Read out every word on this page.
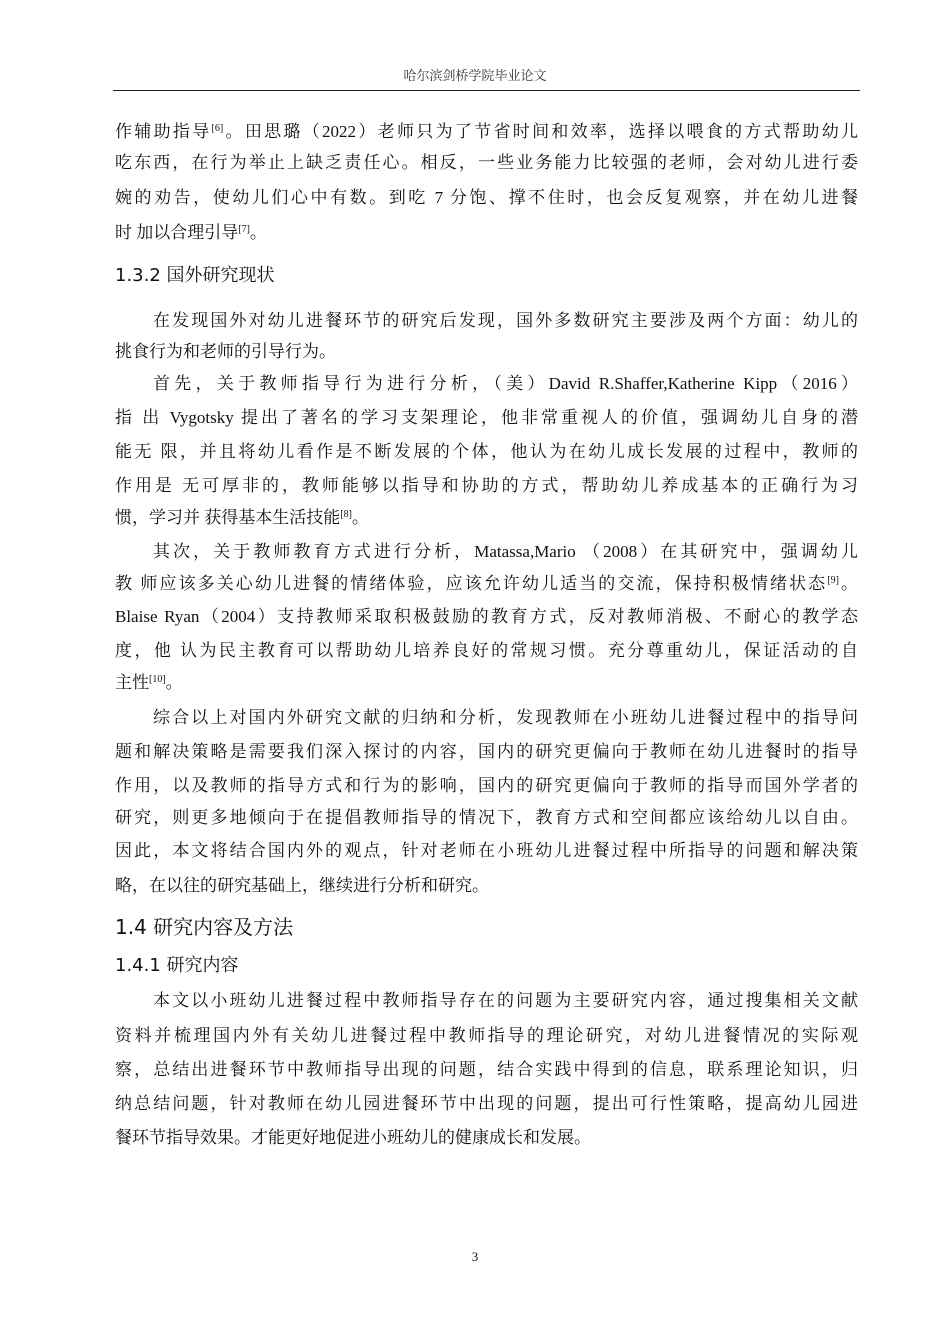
哈尔滨剑桥学院毕业论文
1.3.2 国外研究现状
1.4 研究内容及方法
1.4.1 研究内容
作辅助指导[6]。田思璐（2022）老师只为了节省时间和效率，选择以喂食的方式帮助幼儿
吃东西，在行为举止上缺乏责任心。相反，一些业务能力比较强的老师，会对幼儿进行委
婉的劝告，使幼儿们心中有数。到吃 7 分饱、撑不住时，也会反复观察，并在幼儿进餐
时 加以合理引导[7]。
在发现国外对幼儿进餐环节的研究后发现，国外多数研究主要涉及两个方面：幼儿的
挑食行为和老师的引导行为。
首先，关于教师指导行为进行分析，（美）David R.Shaffer,Katherine Kipp（2016）
指 出 Vygotsky 提出了著名的学习支架理论，他非常重视人的价值，强调幼儿自身的潜
能无 限，并且将幼儿看作是不断发展的个体，他认为在幼儿成长发展的过程中，教师的
作用是 无可厚非的，教师能够以指导和协助的方式，帮助幼儿养成基本的正确行为习
惯，学习并 获得基本生活技能[8]。
其次，关于教师教育方式进行分析，Matassa,Mario （2008）在其研究中，强调幼儿
教 师应该多关心幼儿进餐的情绪体验，应该允许幼儿适当的交流，保持积极情绪状态[9]。
Blaise Ryan（2004）支持教师采取积极鼓励的教育方式，反对教师消极、不耐心的教学态
度，他 认为民主教育可以帮助幼儿培养良好的常规习惯。充分尊重幼儿，保证活动的自
主性[10]。
综合以上对国内外研究文献的归纳和分析，发现教师在小班幼儿进餐过程中的指导问
题和解决策略是需要我们深入探讨的内容，国内的研究更偏向于教师在幼儿进餐时的指导
作用，以及教师的指导方式和行为的影响，国内的研究更偏向于教师的指导而国外学者的
研究，则更多地倾向于在提倡教师指导的情况下，教育方式和空间都应该给幼儿以自由。
因此，本文将结合国内外的观点，针对老师在小班幼儿进餐过程中所指导的问题和解决策
略，在以往的研究基础上，继续进行分析和研究。
本文以小班幼儿进餐过程中教师指导存在的问题为主要研究内容，通过搜集相关文献
资料并梳理国内外有关幼儿进餐过程中教师指导的理论研究，对幼儿进餐情况的实际观
察，总结出进餐环节中教师指导出现的问题，结合实践中得到的信息，联系理论知识，归
纳总结问题，针对教师在幼儿园进餐环节中出现的问题，提出可行性策略，提高幼儿园进
餐环节指导效果。才能更好地促进小班幼儿的健康成长和发展。
3
